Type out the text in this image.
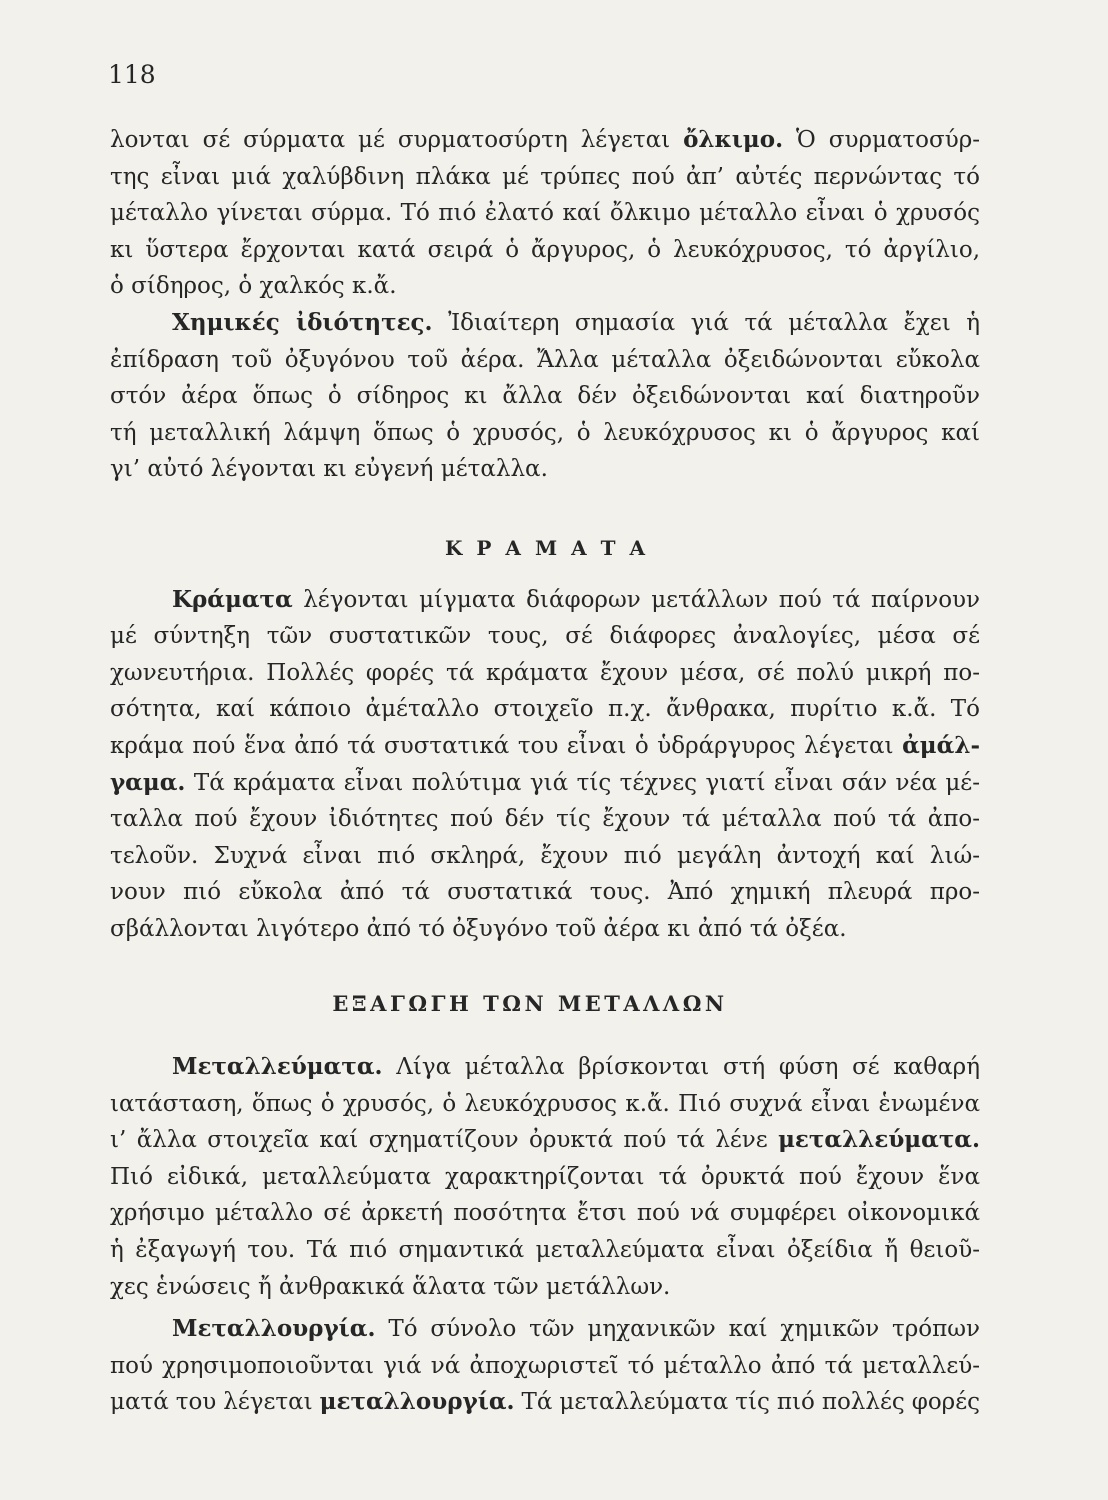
118
λονται σέ σύρματα μέ συρματοσύρτη λέγεται ὄλκιμο. Ὁ συρματοσύρ-
της εἶναι μιά χαλύβδινη πλάκα μέ τρύπες πού ἀπ’ αὐτές περνώντας τό
μέταλλο γίνεται σύρμα. Τό πιό ἐλατό καί ὄλκιμο μέταλλο εἶναι ὁ χρυσός
κι ὕστερα ἔρχονται κατά σειρά ὁ ἄργυρος, ὁ λευκόχρυσος, τό ἀργίλιο,
ὁ σίδηρος, ὁ χαλκός κ.ἄ.
Χημικές ἰδιότητες. Ἰδιαίτερη σημασία γιά τά μέταλλα ἔχει ἡ
ἐπίδραση τοῦ ὀξυγόνου τοῦ ἀέρα. Ἄλλα μέταλλα ὀξειδώνονται εὔκολα
στόν ἀέρα ὅπως ὁ σίδηρος κι ἄλλα δέν ὀξειδώνονται καί διατηροῦν
τή μεταλλική λάμψη ὅπως ὁ χρυσός, ὁ λευκόχρυσος κι ὁ ἄργυρος καί
γι’ αὐτό λέγονται κι εὐγενή μέταλλα.
ΚΡΑΜΑΤΑ
Κράματα λέγονται μίγματα διάφορων μετάλλων πού τά παίρνουν
μέ σύντηξη τῶν συστατικῶν τους, σέ διάφορες ἀναλογίες, μέσα σέ
χωνευτήρια. Πολλές φορές τά κράματα ἔχουν μέσα, σέ πολύ μικρή πο-
σότητα, καί κάποιο ἀμέταλλο στοιχεῖο π.χ. ἄνθρακα, πυρίτιο κ.ἄ. Τό
κράμα πού ἕνα ἀπό τά συστατικά του εἶναι ὁ ὑδράργυρος λέγεται ἀμάλ-
γαμα. Τά κράματα εἶναι πολύτιμα γιά τίς τέχνες γιατί εἶναι σάν νέα μέ-
ταλλα πού ἔχουν ἰδιότητες πού δέν τίς ἔχουν τά μέταλλα πού τά ἀπο-
τελοῦν. Συχνά εἶναι πιό σκληρά, ἔχουν πιό μεγάλη ἀντοχή καί λιώ-
νουν πιό εὔκολα ἀπό τά συστατικά τους. Ἀπό χημική πλευρά προ-
σβάλλονται λιγότερο ἀπό τό ὀξυγόνο τοῦ ἀέρα κι ἀπό τά ὀξέα.
ΕΞΑΓΩΓΗ ΤΩΝ ΜΕΤΑΛΛΩΝ
Μεταλλεύματα. Λίγα μέταλλα βρίσκονται στή φύση σέ καθαρή
ιατάσταση, ὅπως ὁ χρυσός, ὁ λευκόχρυσος κ.ἄ. Πιό συχνά εἶναι ἑνωμένα
ι’ ἄλλα στοιχεῖα καί σχηματίζουν ὀρυκτά πού τά λένε μεταλλεύματα.
Πιό εἰδικά, μεταλλεύματα χαρακτηρίζονται τά ὀρυκτά πού ἔχουν ἕνα
χρήσιμο μέταλλο σέ ἀρκετή ποσότητα ἔτσι πού νά συμφέρει οἰκονομικά
ἡ ἐξαγωγή του. Τά πιό σημαντικά μεταλλεύματα εἶναι ὀξείδια ἤ θειοῦ-
χες ἑνώσεις ἤ ἀνθρακικά ἅλατα τῶν μετάλλων.
Μεταλλουργία. Τό σύνολο τῶν μηχανικῶν καί χημικῶν τρόπων
πού χρησιμοποιοῦνται γιά νά ἀποχωριστεῖ τό μέταλλο ἀπό τά μεταλλεύ-
ματά του λέγεται μεταλλουργία. Τά μεταλλεύματα τίς πιό πολλές φορές
